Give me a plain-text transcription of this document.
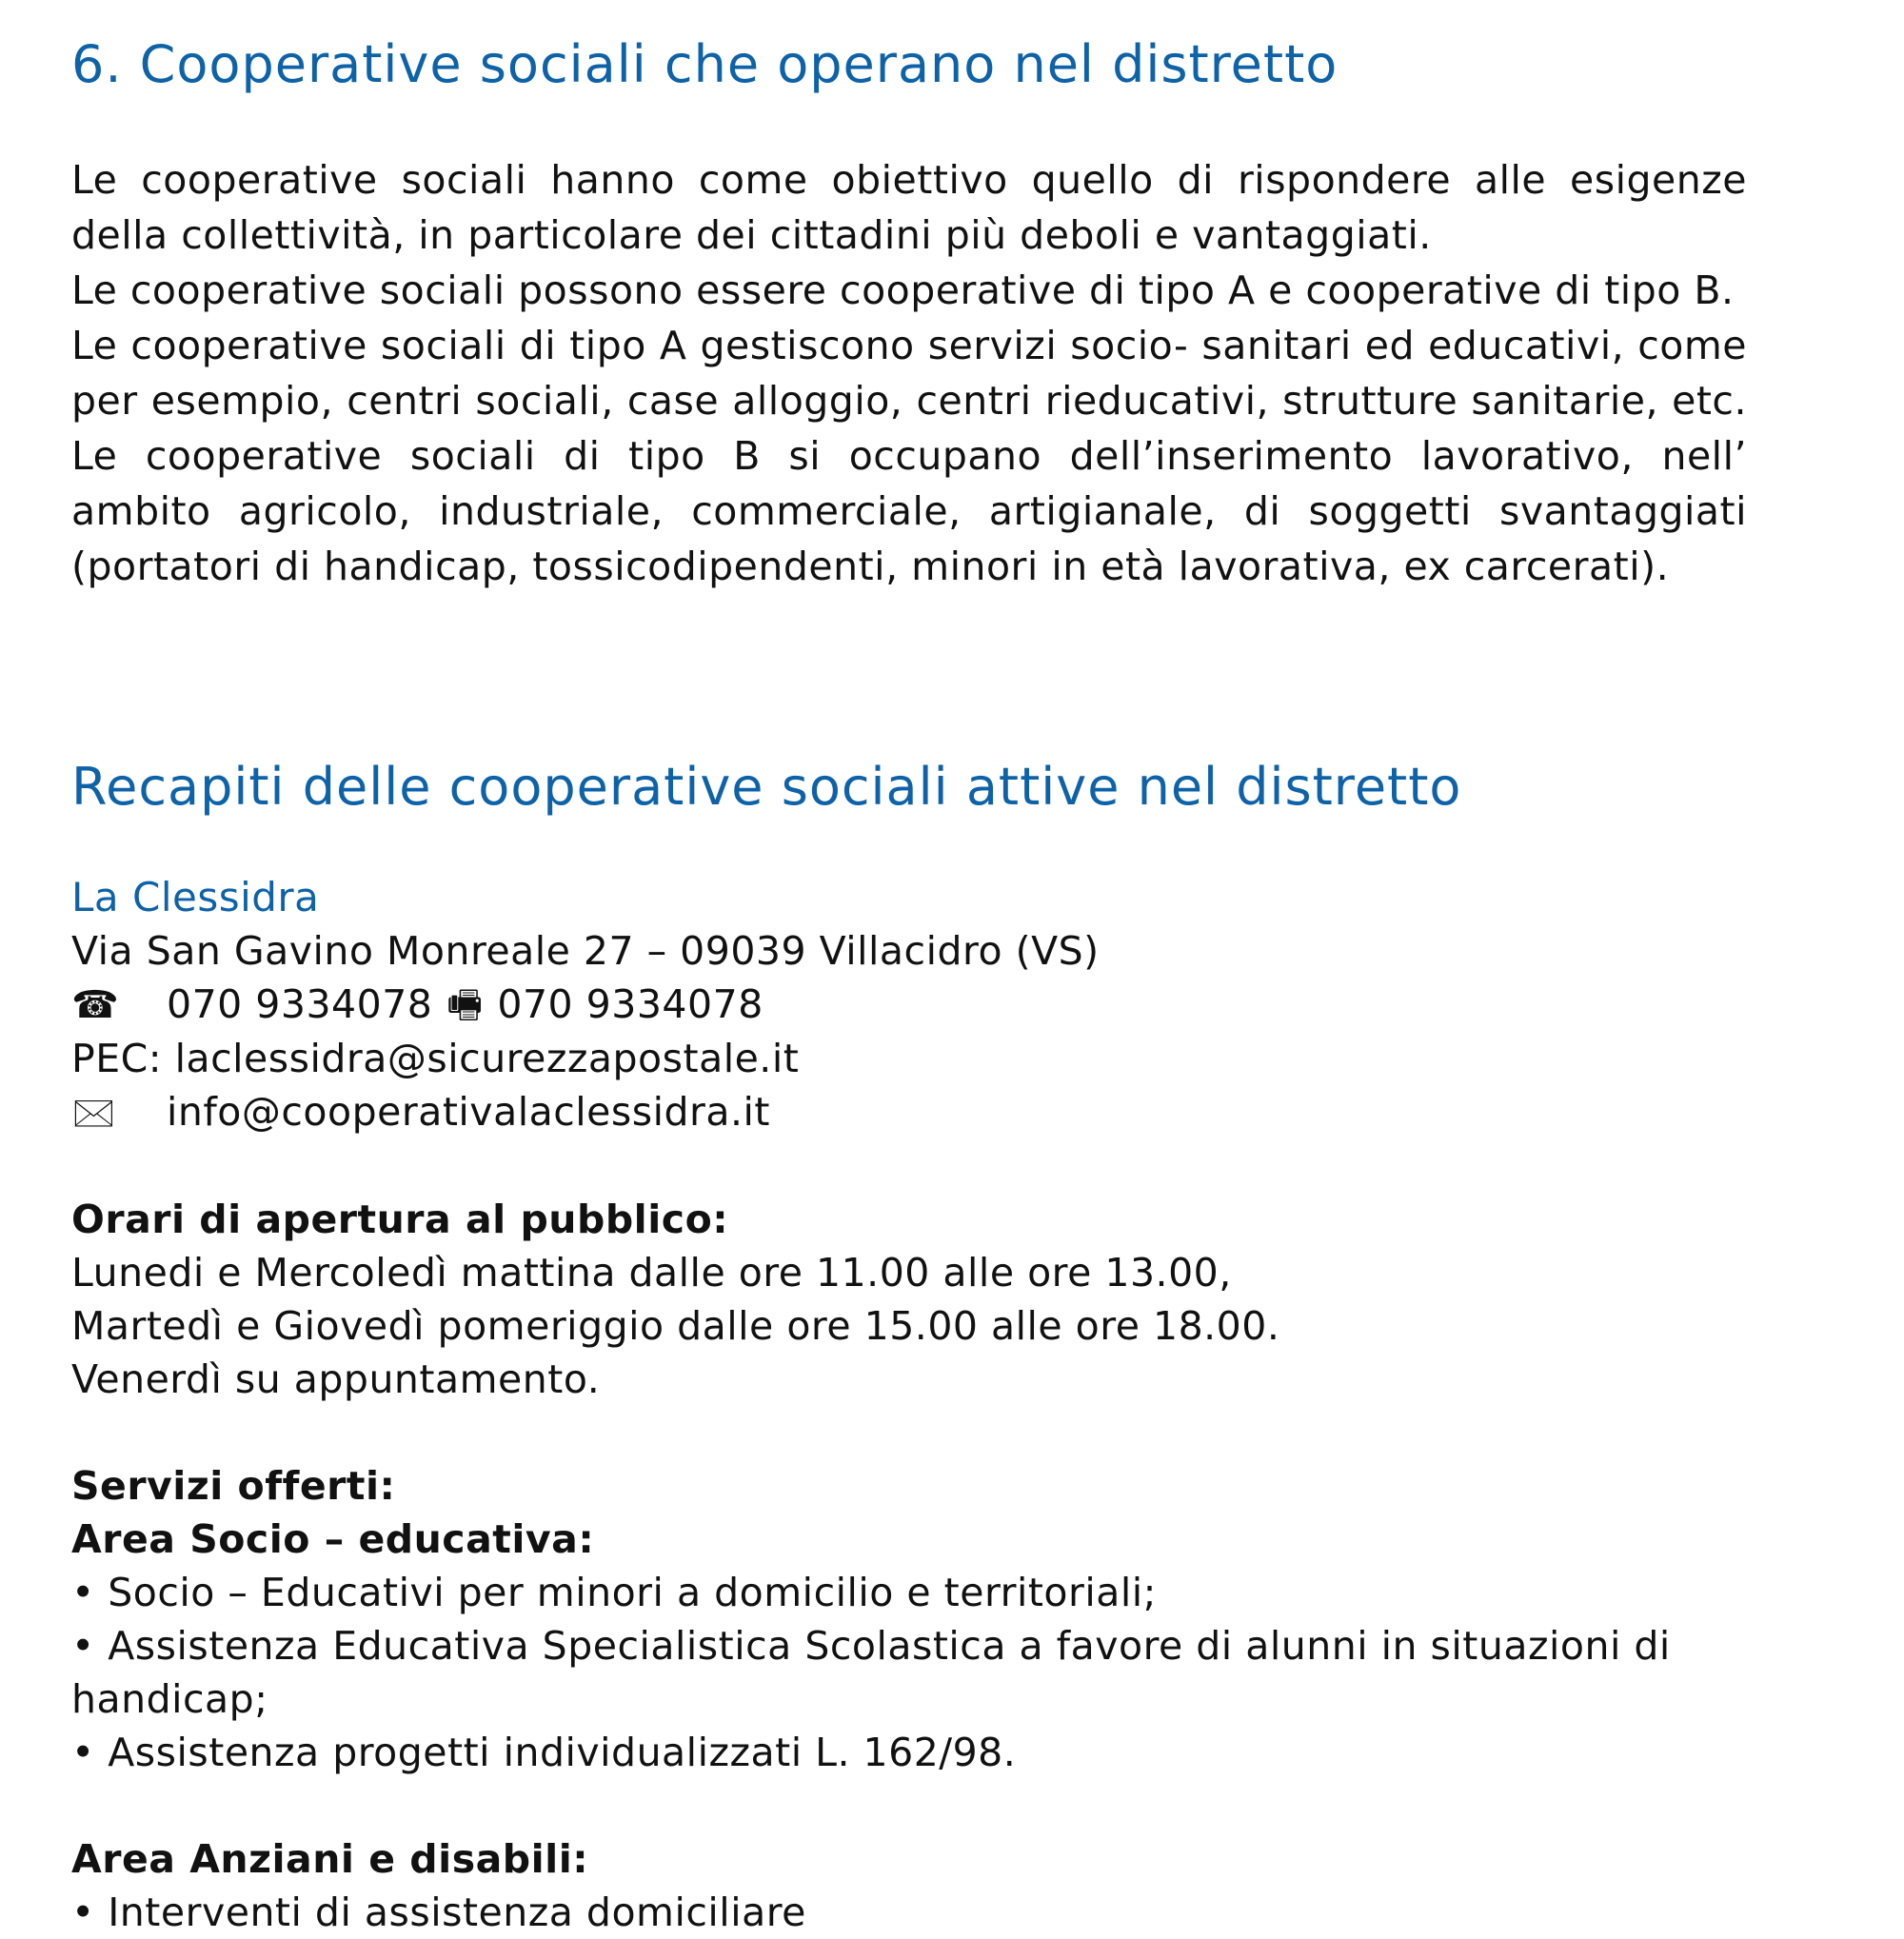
6. Cooperative sociali che operano nel distretto

Le cooperative sociali hanno come obiettivo quello di rispondere alle esigenze della collettività, in particolare dei cittadini più deboli e vantaggiati.

Le cooperative sociali possono essere cooperative di tipo A e cooperative di tipo B.

Le cooperative sociali di tipo A gestiscono servizi socio- sanitari ed educativi, come per esempio, centri sociali, case alloggio, centri rieducativi, strutture sanitarie, etc. Le cooperative sociali di tipo B si occupano dell’inserimento lavorativo, nell’ ambito agricolo, industriale, commerciale, artigianale, di soggetti svantaggiati (portatori di handicap, tossicodipendenti, minori in età lavorativa, ex carcerati).

Recapiti delle cooperative sociali attive nel distretto
La Clessidra
Via San Gavino Monreale 27 – 09039 Villacidro (VS)
☎ 070 9334078 🖷 070 9334078
PEC: laclessidra@sicurezzapostale.it
🖂 info@cooperativalaclessidra.it
Orari di apertura al pubblico:
Lunedi e Mercoledì mattina dalle ore 11.00 alle ore 13.00,
Martedì e Giovedì pomeriggio dalle ore 15.00 alle ore 18.00.
Venerdì su appuntamento.
Servizi offerti:
Area Socio – educativa:
• Socio – Educativi per minori a domicilio e territoriali;
• Assistenza Educativa Specialistica Scolastica a favore di alunni in situazioni di handicap;
• Assistenza progetti individualizzati L. 162/98.
Area Anziani e disabili:
• Interventi di assistenza domiciliare
